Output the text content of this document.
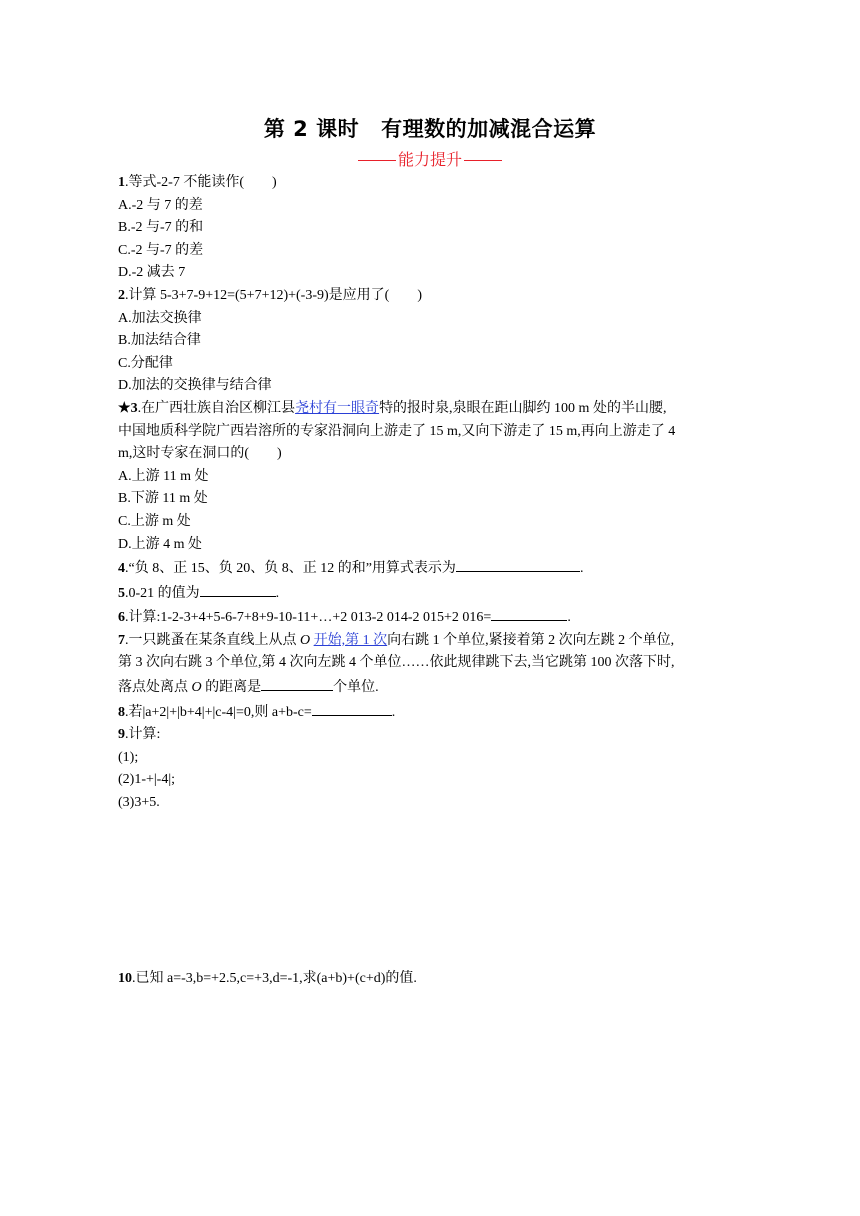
第 2 课时 有理数的加减混合运算
能力提升
1.等式-2-7 不能读作(　　)
A.-2 与 7 的差
B.-2 与-7 的和
C.-2 与-7 的差
D.-2 减去 7
2.计算 5-3+7-9+12=(5+7+12)+(-3-9)是应用了(　　)
A.加法交换律
B.加法结合律
C.分配律
D.加法的交换律与结合律
★3.在广西壮族自治区柳江县尧村有一眼奇特的报时泉,泉眼在距山脚约 100 m 处的半山腰,
中国地质科学院广西岩溶所的专家沿洞向上游走了 15 m,又向下游走了 15 m,再向上游走了 4
m,这时专家在洞口的(　　)
A.上游 11 m 处
B.下游 11 m 处
C.上游 m 处
D.上游 4 m 处
4.“负 8、正 15、负 20、负 8、正 12 的和”用算式表示为	.
5.0-21 的值为	.
6.计算:1-2-3+4+5-6-7+8+9-10-11+…+2 013-2 014-2 015+2 016=	.
7.一只跳蚤在某条直线上从点 O 开始,第 1 次向右跳 1 个单位,紧接着第 2 次向左跳 2 个单位,
第 3 次向右跳 3 个单位,第 4 次向左跳 4 个单位……依此规律跳下去,当它跳第 100 次落下时,
落点处离点 O 的距离是	个单位.
8.若|a+2|+|b+4|+|c-4|=0,则 a+b-c=	.
9.计算:
(1);
(2)1-+|-4|;
(3)3+5.
10.已知 a=-3,b=+2.5,c=+3,d=-1,求(a+b)+(c+d)的值.
